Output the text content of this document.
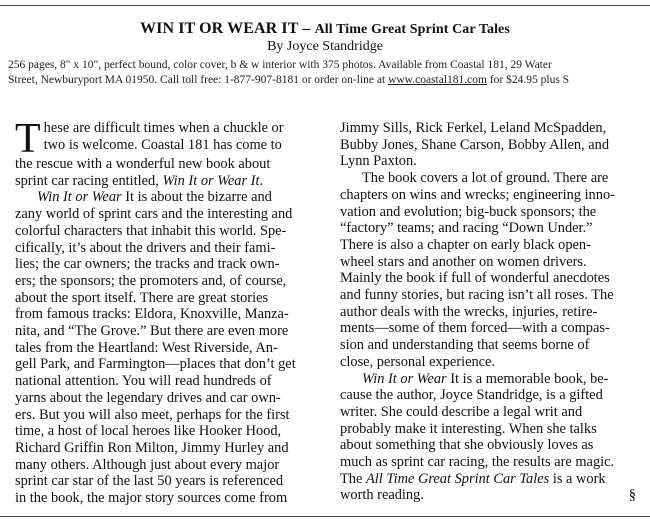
WIN IT OR WEAR IT – All Time Great Sprint Car Tales
By Joyce Standridge
256 pages, 8" x 10", perfect bound, color cover, b & w interior with 375 photos. Available from Coastal 181, 29 Water
Street, Newburyport MA 01950. Call toll free: 1-877-907-8181 or order on-line at www.coastal181.com for $24.95 plus S
T hese are difficult times when a chuckle or
two is welcome. Coastal 181 has come to
the rescue with a wonderful new book about
sprint car racing entitled, Win It or Wear It.
Win It or Wear It is about the bizarre and
zany world of sprint cars and the interesting and
colorful characters that inhabit this world. Spe-
cifically, it’s about the drivers and their fami-
lies; the car owners; the tracks and track own-
ers; the sponsors; the promoters and, of course,
about the sport itself. There are great stories
from famous tracks: Eldora, Knoxville, Manza-
nita, and “The Grove.” But there are even more
tales from the Heartland: West Riverside, An-
gell Park, and Farmington—places that don’t get
national attention. You will read hundreds of
yarns about the legendary drives and car own-
ers. But you will also meet, perhaps for the first
time, a host of local heroes like Hooker Hood,
Richard Griffin Ron Milton, Jimmy Hurley and
many others. Although just about every major
sprint car star of the last 50 years is referenced
in the book, the major story sources come from
Jimmy Sills, Rick Ferkel, Leland McSpadden,
Bubby Jones, Shane Carson, Bobby Allen, and
Lynn Paxton.
The book covers a lot of ground. There are
chapters on wins and wrecks; engineering inno-
vation and evolution; big-buck sponsors; the
“factory” teams; and racing “Down Under.”
There is also a chapter on early black open-
wheel stars and another on women drivers.
Mainly the book if full of wonderful anecdotes
and funny stories, but racing isn’t all roses. The
author deals with the wrecks, injuries, retire-
ments—some of them forced—with a compas-
sion and understanding that seems borne of
close, personal experience.
Win It or Wear It is a memorable book, be-
cause the author, Joyce Standridge, is a gifted
writer. She could describe a legal writ and
probably make it interesting. When she talks
about something that she obviously loves as
much as sprint car racing, the results are magic.
The All Time Great Sprint Car Tales is a work
worth reading.	§
